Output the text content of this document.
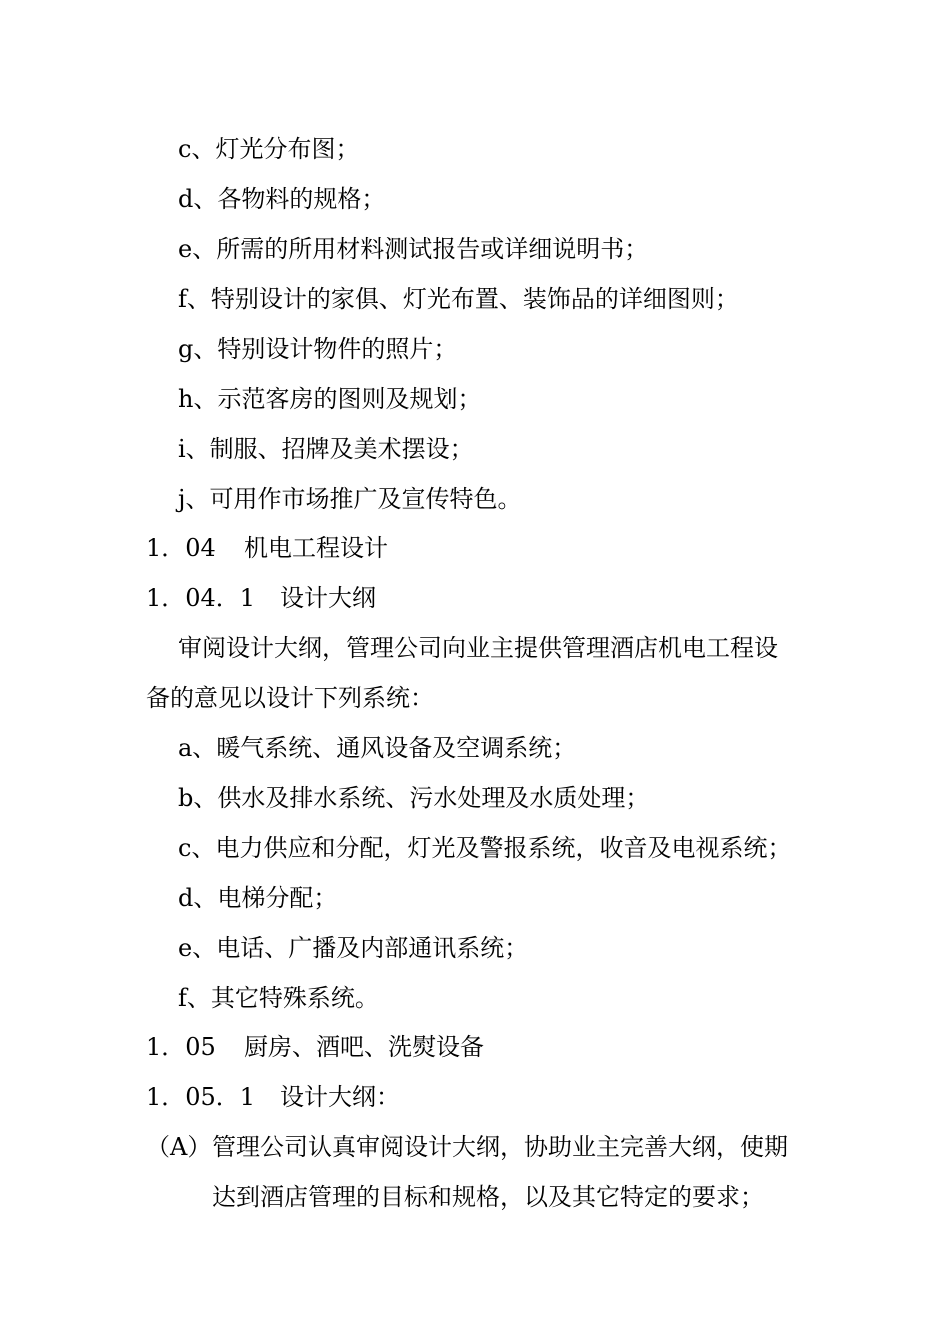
c、灯光分布图；
d、各物料的规格；
e、所需的所用材料测试报告或详细说明书；
f、特别设计的家俱、灯光布置、装饰品的详细图则；
g、特别设计物件的照片；
h、示范客房的图则及规划；
i、制服、招牌及美术摆设；
j、可用作市场推广及宣传特色。
1．04 机电工程设计
1．04．1 设计大纲
审阅设计大纲，管理公司向业主提供管理酒店机电工程设
备的意见以设计下列系统：
a、暖气系统、通风设备及空调系统；
b、供水及排水系统、污水处理及水质处理；
c、电力供应和分配，灯光及警报系统，收音及电视系统；
d、电梯分配；
e、电话、广播及内部通讯系统；
f、其它特殊系统。
1．05 厨房、酒吧、洗熨设备
1．05．1 设计大纲：
（A）管理公司认真审阅设计大纲，协助业主完善大纲，使期
达到酒店管理的目标和规格，以及其它特定的要求；
